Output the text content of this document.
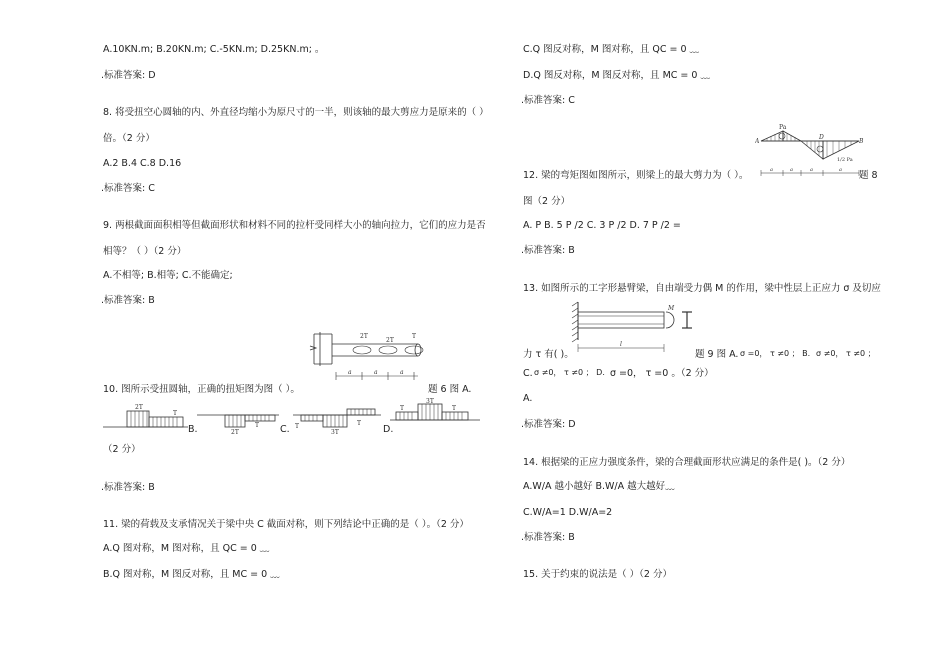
A.10KN.m; B.20KN.m; C.-5KN.m; D.25KN.m; 。
.标准答案: D
8. 将受扭空心圆轴的内、外直径均缩小为原尺寸的一半，则该轴的最大剪应力是原来的（ ）
倍。（2 分）
A.2 B.4 C.8 D.16
.标准答案: C
9. 两根截面面积相等但截面形状和材料不同的拉杆受同样大小的轴向拉力，它们的应力是否
相等？（ ）（2 分）
A.不相等; B.相等; C.不能确定;
.标准答案: B
2T
2T
T
a	a	a
10. 图所示受扭圆轴，正确的扭矩图为图（ ）。	题 6 图 A.
2T
T
B.	2T
T C. T
3T
T
D.
3T
T	T
（2 分）
.标准答案: B
11. 梁的荷载及支承情况关于梁中央 C 截面对称，则下列结论中正确的是（ ）。（2 分）
A.Q 图对称，M 图对称，且 QC = 0 ﹏
B.Q 图对称，M 图反对称，且 MC = 0 ﹏
C.Q 图反对称，M 图对称，且 QC = 0 ﹏
D.Q 图反对称，M 图反对称，且 MC = 0 ﹏
.标准答案: C
Pa
A
D
B
1/2 Pa
a	a	a	a
12. 梁的弯矩图如图所示，则梁上的最大剪力为（ ）。	题 8
图（2 分）
A. P B. 5 P /2 C. 3 P /2 D. 7 P /2 =
.标准答案: B
13. 如图所示的工字形悬臂梁，自由端受力偶 M 的作用，梁中性层上正应力 σ 及切应
M
l
力 τ 有( )。	题 9 图 A. σ =0， τ ≠0 ； B. σ ≠0， τ ≠0 ；
C. σ ≠0， τ ≠0 ； D. σ =0， τ =0 。（2 分）
A.
.标准答案: D
14. 根据梁的正应力强度条件，梁的合理截面形状应满足的条件是( )。（2 分）
A.W/A 越小越好 B.W/A 越大越好﹏
C.W/A=1 D.W/A=2
.标准答案: B
15. 关于约束的说法是（ ）（2 分）
